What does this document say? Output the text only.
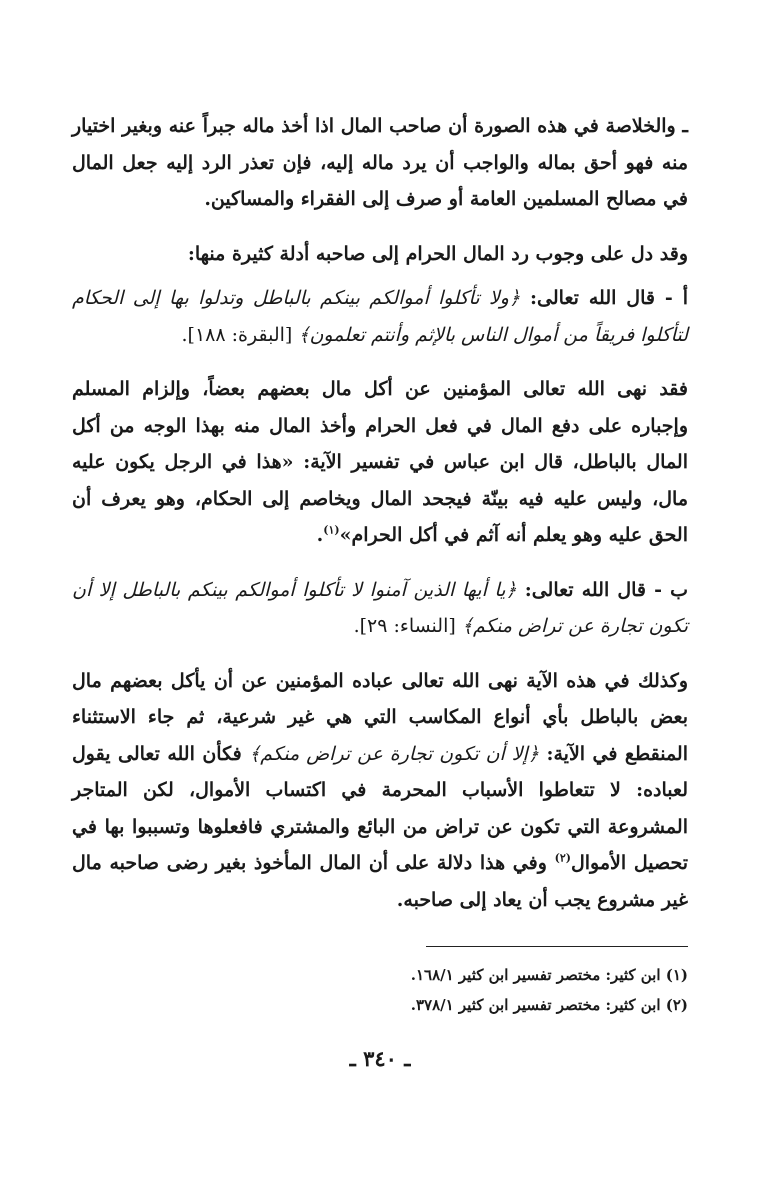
ـ والخلاصة في هذه الصورة أن صاحب المال اذا أخذ ماله جبراً عنه وبغير اختيار منه فهو أحق بماله والواجب أن يرد ماله إليه، فإن تعذر الرد إليه جعل المال في مصالح المسلمين العامة أو صرف إلى الفقراء والمساكين.

وقد دل على وجوب رد المال الحرام إلى صاحبه أدلة كثيرة منها:

أ - قال الله تعالى: ﴿ولا تأكلوا أموالكم بينكم بالباطل وتدلوا بها إلى الحكام لتأكلوا فريقاً من أموال الناس بالإثم وأنتم تعلمون﴾ [البقرة: ١٨٨].

فقد نهى الله تعالى المؤمنين عن أكل مال بعضهم بعضاً، وإلزام المسلم وإجباره على دفع المال في فعل الحرام وأخذ المال منه بهذا الوجه من أكل المال بالباطل، قال ابن عباس في تفسير الآية: «هذا في الرجل يكون عليه مال، وليس عليه فيه بينّة فيجحد المال ويخاصم إلى الحكام، وهو يعرف أن الحق عليه وهو يعلم أنه آثم في أكل الحرام»$^{(١)}$.

ب - قال الله تعالى: ﴿يا أيها الذين آمنوا لا تأكلوا أموالكم بينكم بالباطل إلا أن تكون تجارة عن تراض منكم﴾ [النساء: ٢٩].

وكذلك في هذه الآية نهى الله تعالى عباده المؤمنين عن أن يأكل بعضهم مال بعض بالباطل بأي أنواع المكاسب التي هي غير شرعية، ثم جاء الاستثناء المنقطع في الآية: ﴿إلا أن تكون تجارة عن تراض منكم﴾ فكأن الله تعالى يقول لعباده: لا تتعاطوا الأسباب المحرمة في اكتساب الأموال، لكن المتاجر المشروعة التي تكون عن تراض من البائع والمشتري فافعلوها وتسببوا بها في تحصيل الأموال$^{(٢)}$ وفي هذا دلالة على أن المال المأخوذ بغير رضى صاحبه مال غير مشروع يجب أن يعاد إلى صاحبه.

(١) ابن كثير: مختصر تفسير ابن كثير ١٦٨/١.

(٢) ابن كثير: مختصر تفسير ابن كثير ٣٧٨/١.

ـ ٣٤٠ ـ
